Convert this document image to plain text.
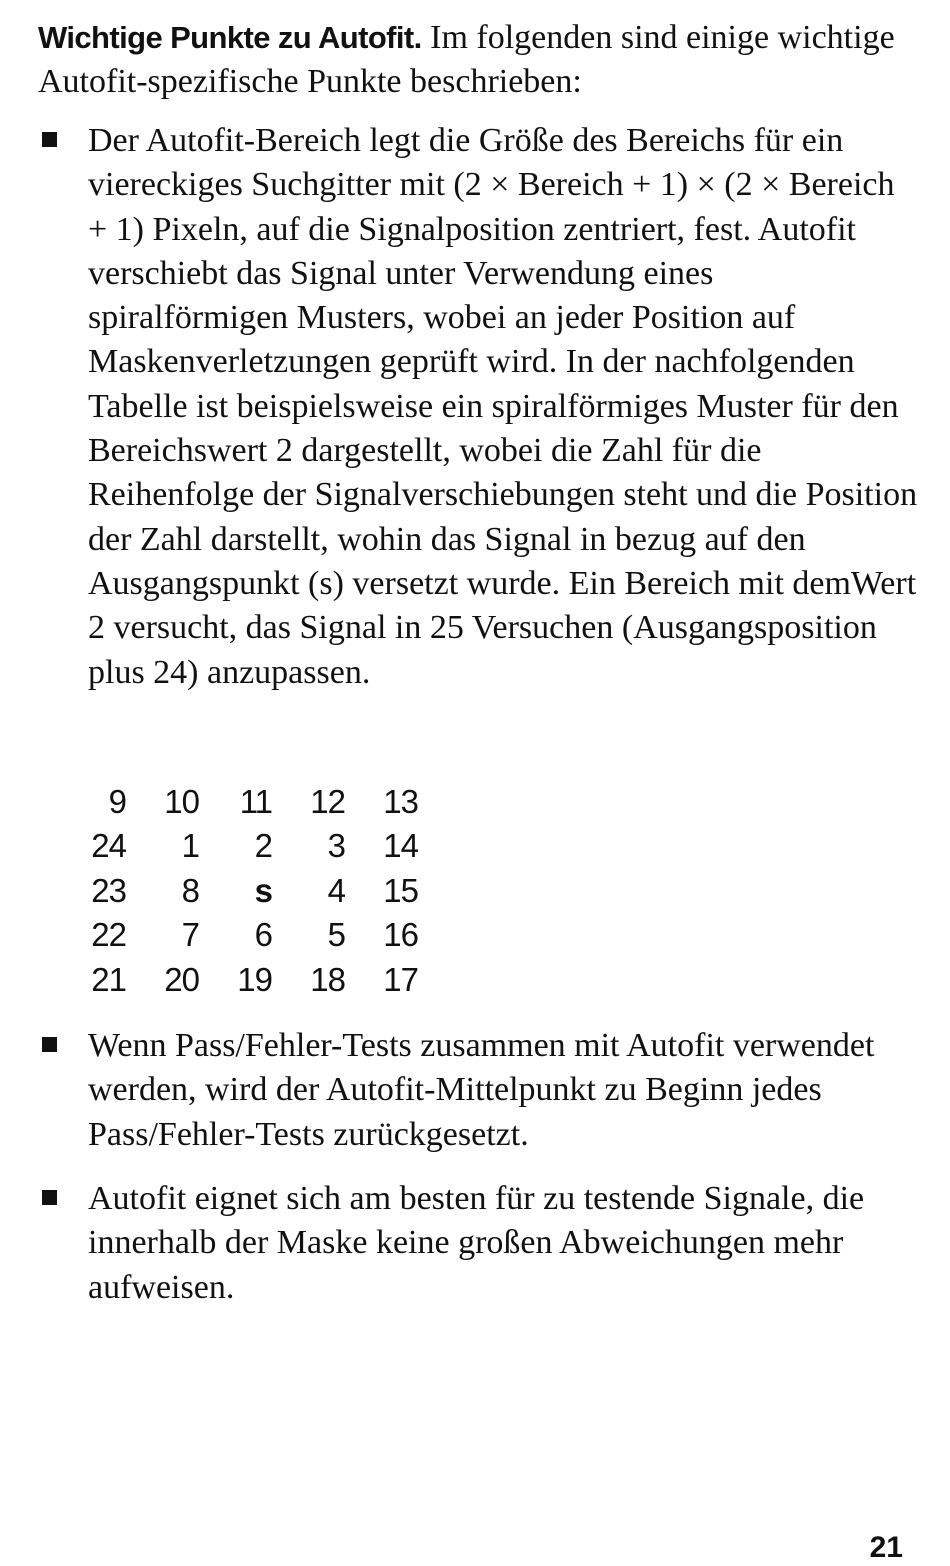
Wichtige Punkte zu Autofit. Im folgenden sind einige wichtige Autofit-spezifische Punkte beschrieben:

Der Autofit-Bereich legt die Größe des Bereichs für ein viereckiges Suchgitter mit (2 × Bereich + 1) × (2 × Bereich + 1) Pixeln, auf die Signalposition zentriert, fest. Autofit verschiebt das Signal unter Verwendung eines spiralförmigen Musters, wobei an jeder Position auf Maskenverletzungen geprüft wird. In der nachfolgenden Tabelle ist beispielsweise ein spiralförmiges Muster für den Bereichswert 2 dargestellt, wobei die Zahl für die Reihenfolge der Signalverschiebungen steht und die Position der Zahl darstellt, wohin das Signal in bezug auf den Ausgangspunkt (s) versetzt wurde. Ein Bereich mit demWert 2 versucht, das Signal in 25 Versuchen (Ausgangsposition plus 24) anzupassen.
9	10	11	12	13
24	1	2	3	14
23	8	s	4	15
22	7	6	5	16
21	20	19	18	17
Wenn Pass/Fehler-Tests zusammen mit Autofit verwendet werden, wird der Autofit-Mittelpunkt zu Beginn jedes Pass/Fehler-Tests zurückgesetzt.
Autofit eignet sich am besten für zu testende Signale, die innerhalb der Maske keine großen Abweichungen mehr aufweisen.
21
